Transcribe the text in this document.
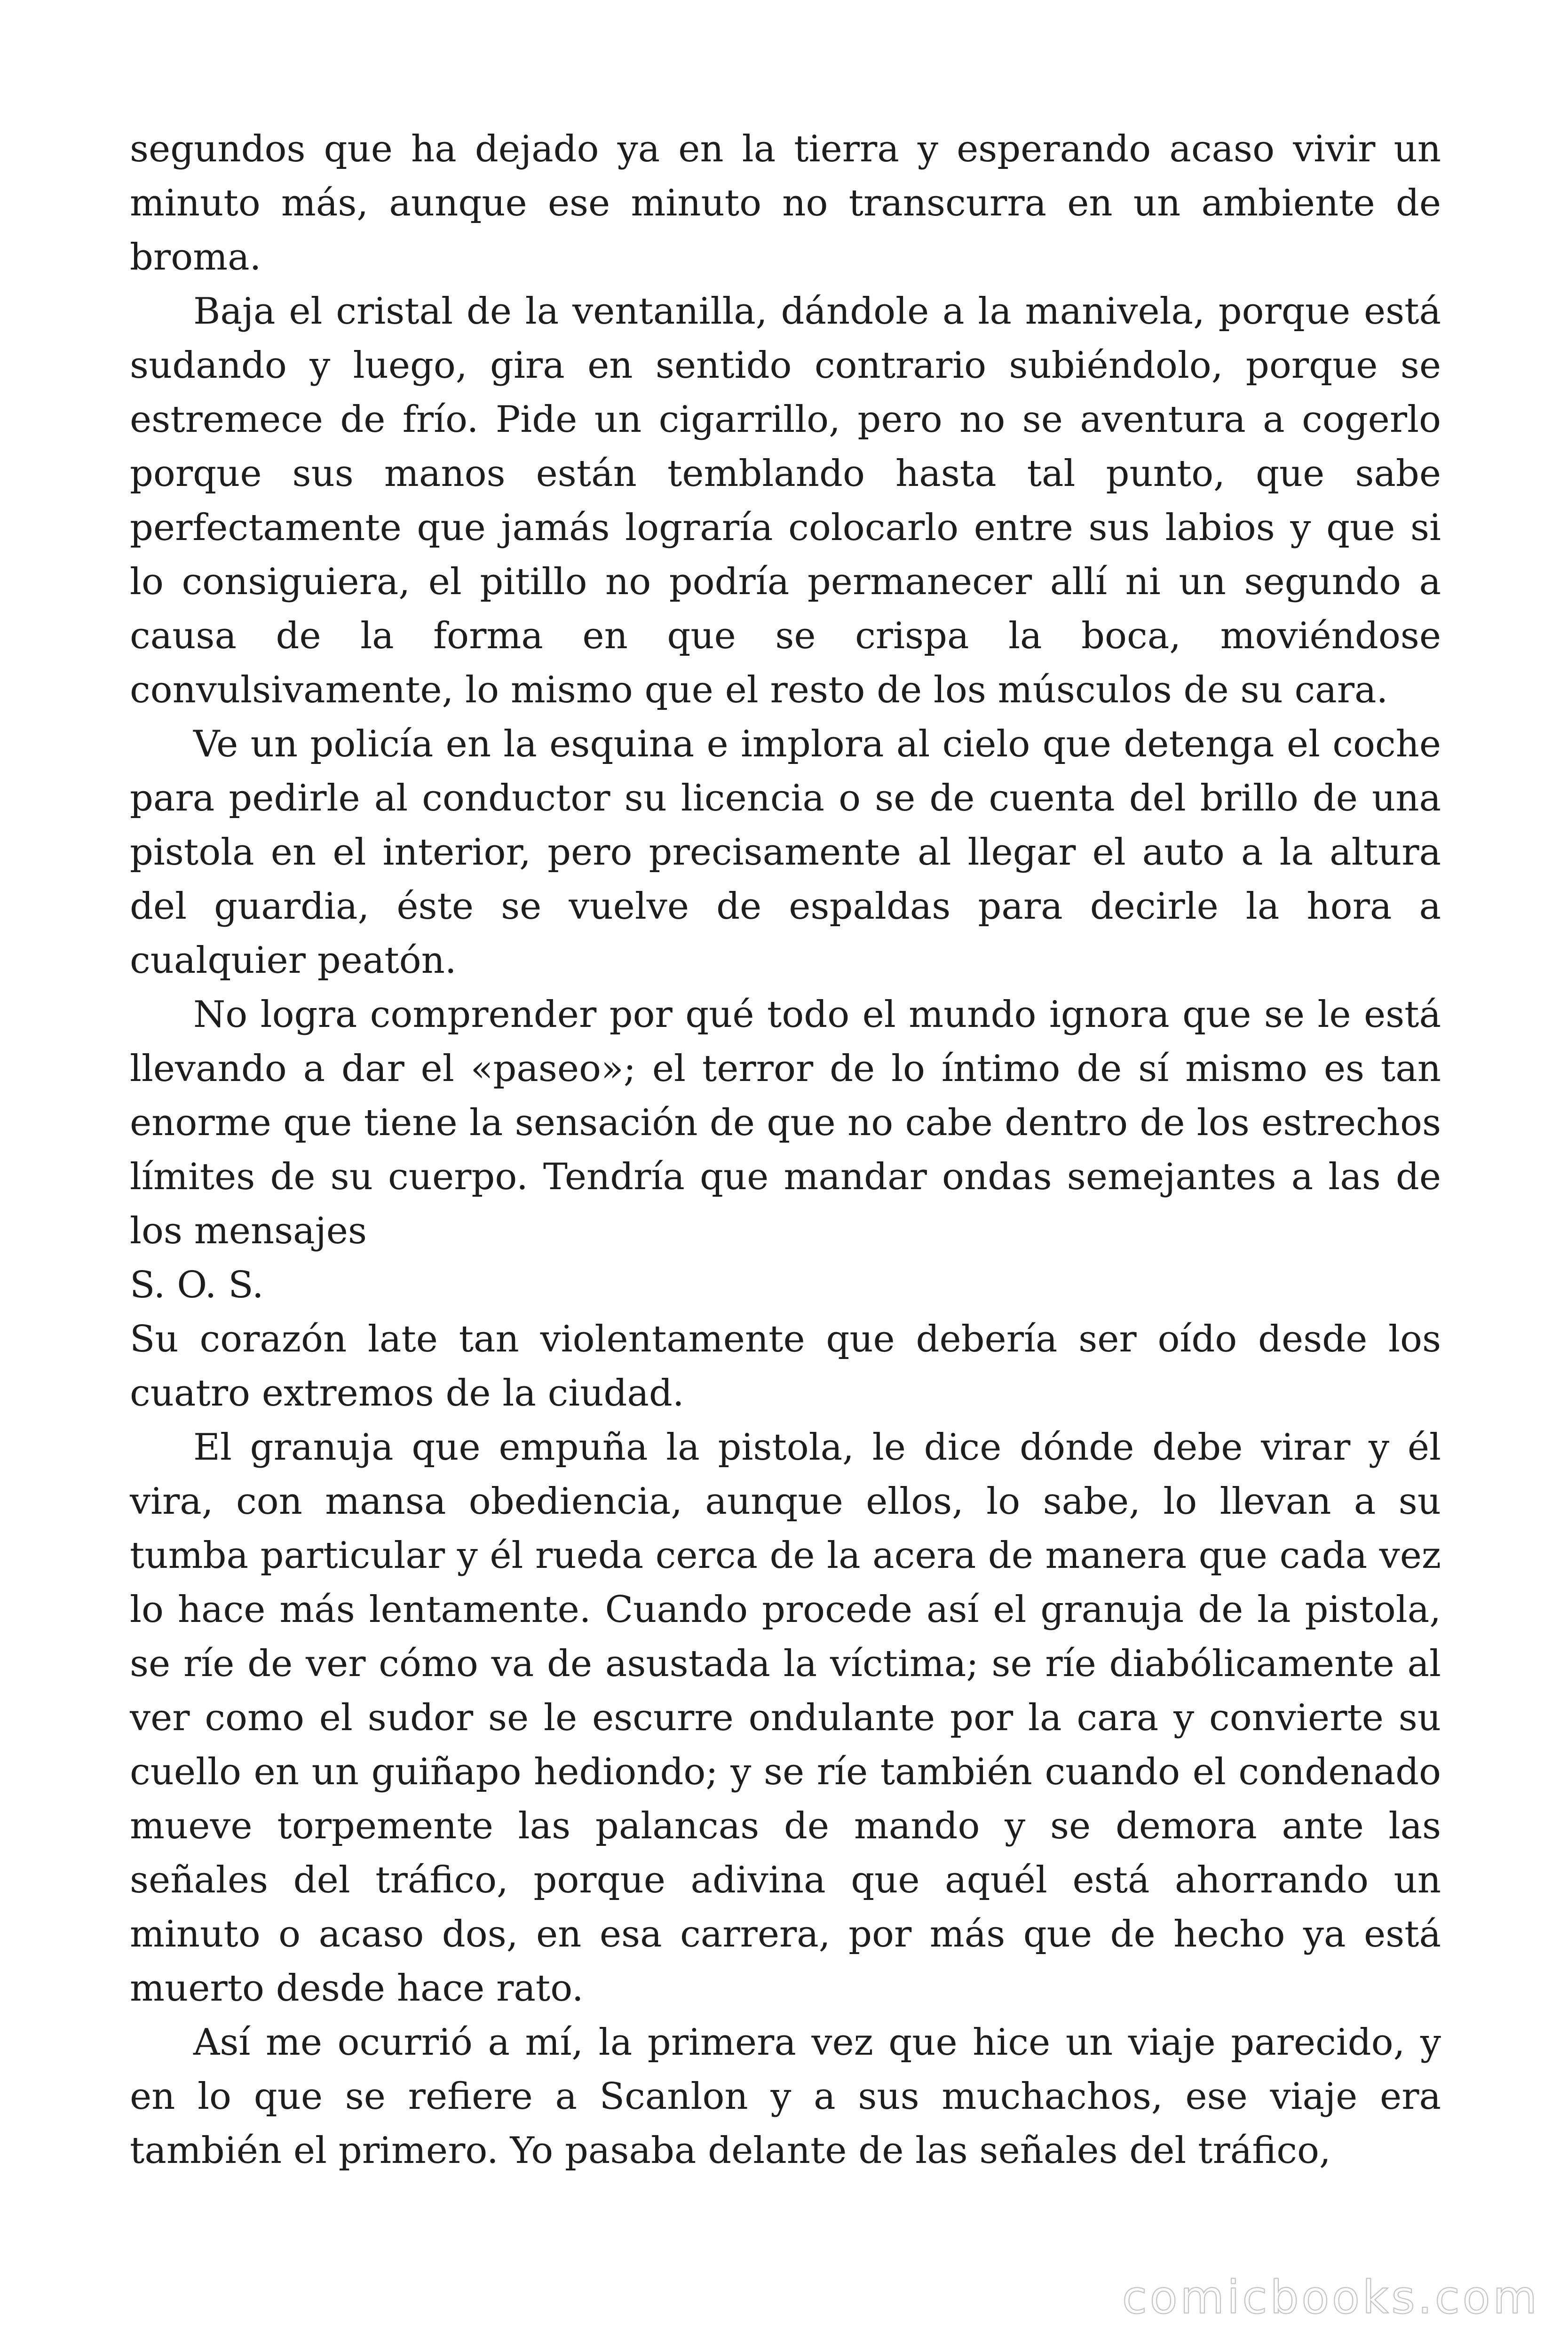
segundos que ha dejado ya en la tierra y esperando acaso vivir un minuto más, aunque ese minuto no transcurra en un ambiente de broma.

Baja el cristal de la ventanilla, dándole a la manivela, porque está sudando y luego, gira en sentido contrario subiéndolo, porque se estremece de frío. Pide un cigarrillo, pero no se aventura a cogerlo porque sus manos están temblando hasta tal punto, que sabe perfectamente que jamás lograría colocarlo entre sus labios y que si lo consiguiera, el pitillo no podría permanecer allí ni un segundo a causa de la forma en que se crispa la boca, moviéndose convulsivamente, lo mismo que el resto de los músculos de su cara.

Ve un policía en la esquina e implora al cielo que detenga el coche para pedirle al conductor su licencia o se de cuenta del brillo de una pistola en el interior, pero precisamente al llegar el auto a la altura del guardia, éste se vuelve de espaldas para decirle la hora a cualquier peatón.

No logra comprender por qué todo el mundo ignora que se le está llevando a dar el «paseo»; el terror de lo íntimo de sí mismo es tan enorme que tiene la sensación de que no cabe dentro de los estrechos límites de su cuerpo. Tendría que mandar ondas semejantes a las de los mensajes

S. O. S.

Su corazón late tan violentamente que debería ser oído desde los cuatro extremos de la ciudad.

El granuja que empuña la pistola, le dice dónde debe virar y él vira, con mansa obediencia, aunque ellos, lo sabe, lo llevan a su tumba particular y él rueda cerca de la acera de manera que cada vez lo hace más lentamente. Cuando procede así el granuja de la pistola, se ríe de ver cómo va de asustada la víctima; se ríe diabólicamente al ver como el sudor se le escurre ondulante por la cara y convierte su cuello en un guiñapo hediondo; y se ríe también cuando el condenado mueve torpemente las palancas de mando y se demora ante las señales del tráfico, porque adivina que aquél está ahorrando un minuto o acaso dos, en esa carrera, por más que de hecho ya está muerto desde hace rato.

Así me ocurrió a mí, la primera vez que hice un viaje parecido, y en lo que se refiere a Scanlon y a sus muchachos, ese viaje era también el primero. Yo pasaba delante de las señales del tráfico,

comicbooks.com
